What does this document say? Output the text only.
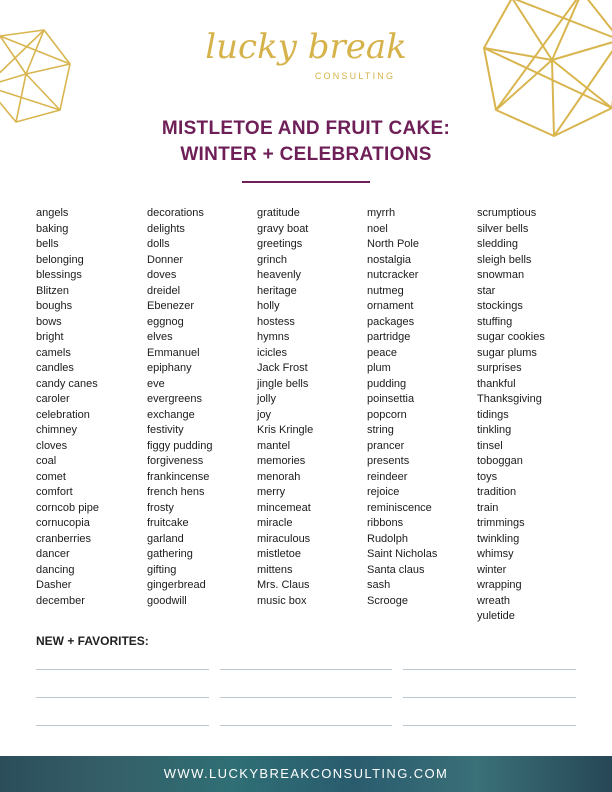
lucky break
CONSULTING
MISTLETOE AND FRUIT CAKE:
WINTER + CELEBRATIONS
angels
baking
bells
belonging
blessings
Blitzen
boughs
bows
bright
camels
candles
candy canes
caroler
celebration
chimney
cloves
coal
comet
comfort
corncob pipe
cornucopia
cranberries
dancer
dancing
Dasher
december
decorations
delights
dolls
Donner
doves
dreidel
Ebenezer
eggnog
elves
Emmanuel
epiphany
eve
evergreens
exchange
festivity
figgy pudding
forgiveness
frankincense
french hens
frosty
fruitcake
garland
gathering
gifting
gingerbread
goodwill
gratitude
gravy boat
greetings
grinch
heavenly
heritage
holly
hostess
hymns
icicles
Jack Frost
jingle bells
jolly
joy
Kris Kringle
mantel
memories
menorah
merry
mincemeat
miracle
miraculous
mistletoe
mittens
Mrs. Claus
music box
myrrh
noel
North Pole
nostalgia
nutcracker
nutmeg
ornament
packages
partridge
peace
plum
pudding
poinsettia
popcorn
string
prancer
presents
reindeer
rejoice
reminiscence
ribbons
Rudolph
Saint Nicholas
Santa claus
sash
Scrooge
scrumptious
silver bells
sledding
sleigh bells
snowman
star
stockings
stuffing
sugar cookies
sugar plums
surprises
thankful
Thanksgiving
tidings
tinkling
tinsel
toboggan
toys
tradition
train
trimmings
twinkling
whimsy
winter
wrapping
wreath
yuletide
NEW + FAVORITES:
WWW.LUCKYBREAKCONSULTING.COM
